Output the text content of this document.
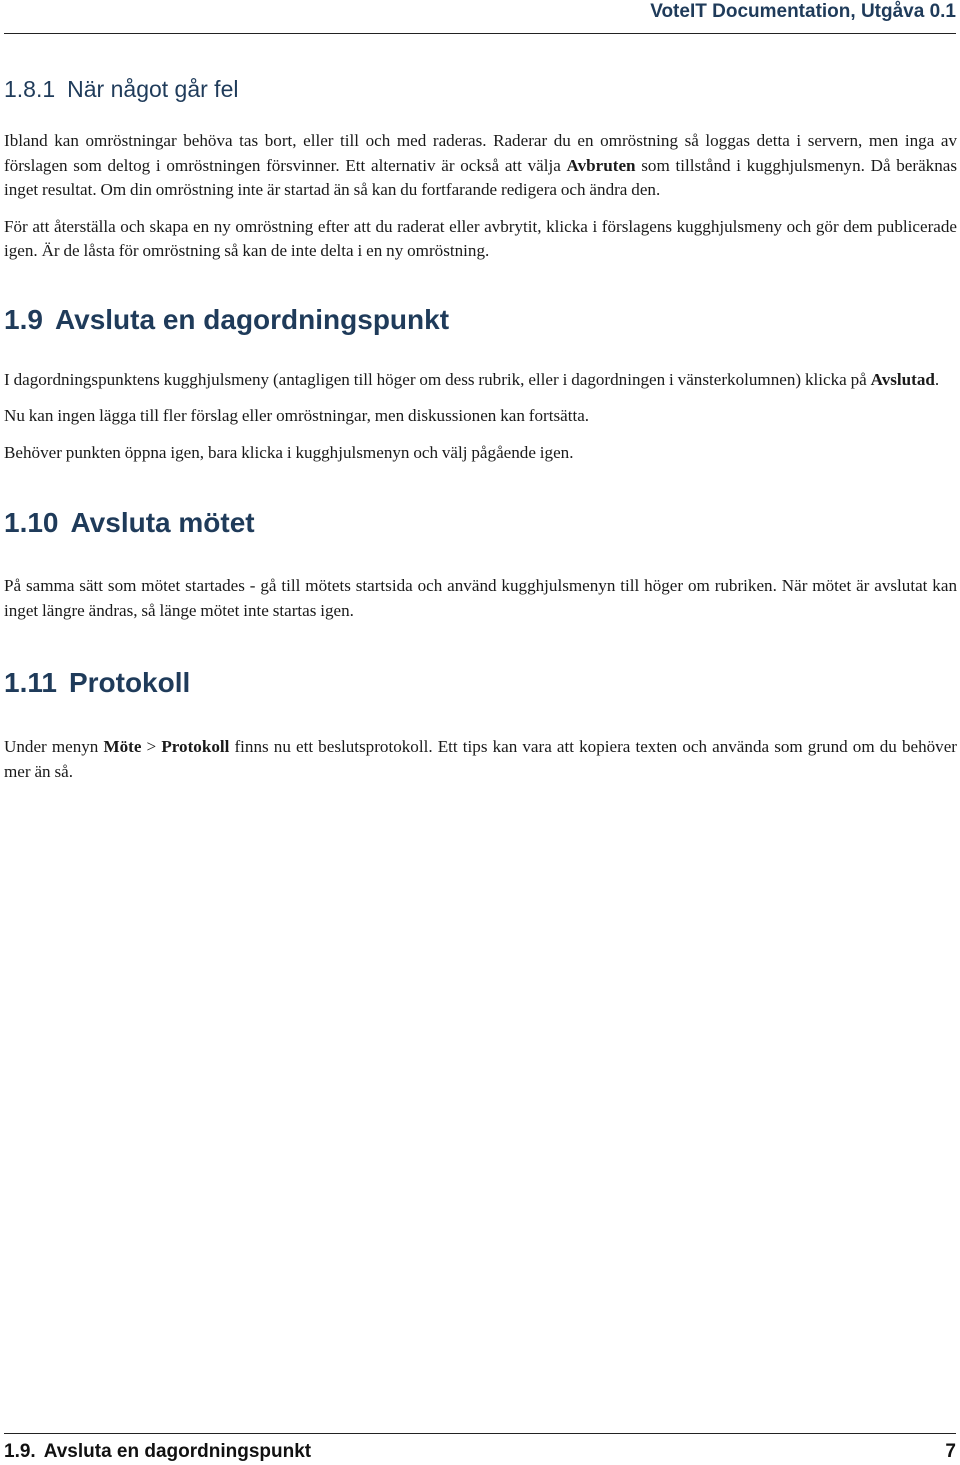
VoteIT Documentation, Utgåva 0.1
1.8.1 När något går fel

Ibland kan omröstningar behöva tas bort, eller till och med raderas. Raderar du en omröstning så loggas detta i servern, men inga av förslagen som deltog i omröstningen försvinner. Ett alternativ är också att välja Avbruten som tillstånd i kugghjulsmenyn. Då beräknas inget resultat. Om din omröstning inte är startad än så kan du fortfarande redigera och ändra den.

För att återställa och skapa en ny omröstning efter att du raderat eller avbrytit, klicka i förslagens kugghjulsmeny och gör dem publicerade igen. Är de låsta för omröstning så kan de inte delta i en ny omröstning.

1.9 Avsluta en dagordningspunkt

I dagordningspunktens kugghjulsmeny (antagligen till höger om dess rubrik, eller i dagordningen i vänsterkolumnen) klicka på Avslutad.

Nu kan ingen lägga till fler förslag eller omröstningar, men diskussionen kan fortsätta.

Behöver punkten öppna igen, bara klicka i kugghjulsmenyn och välj pågående igen.

1.10 Avsluta mötet

På samma sätt som mötet startades - gå till mötets startsida och använd kugghjulsmenyn till höger om rubriken. När mötet är avslutat kan inget längre ändras, så länge mötet inte startas igen.

1.11 Protokoll

Under menyn Möte > Protokoll finns nu ett beslutsprotokoll. Ett tips kan vara att kopiera texten och använda som grund om du behöver mer än så.

1.9. Avsluta en dagordningspunkt	7
